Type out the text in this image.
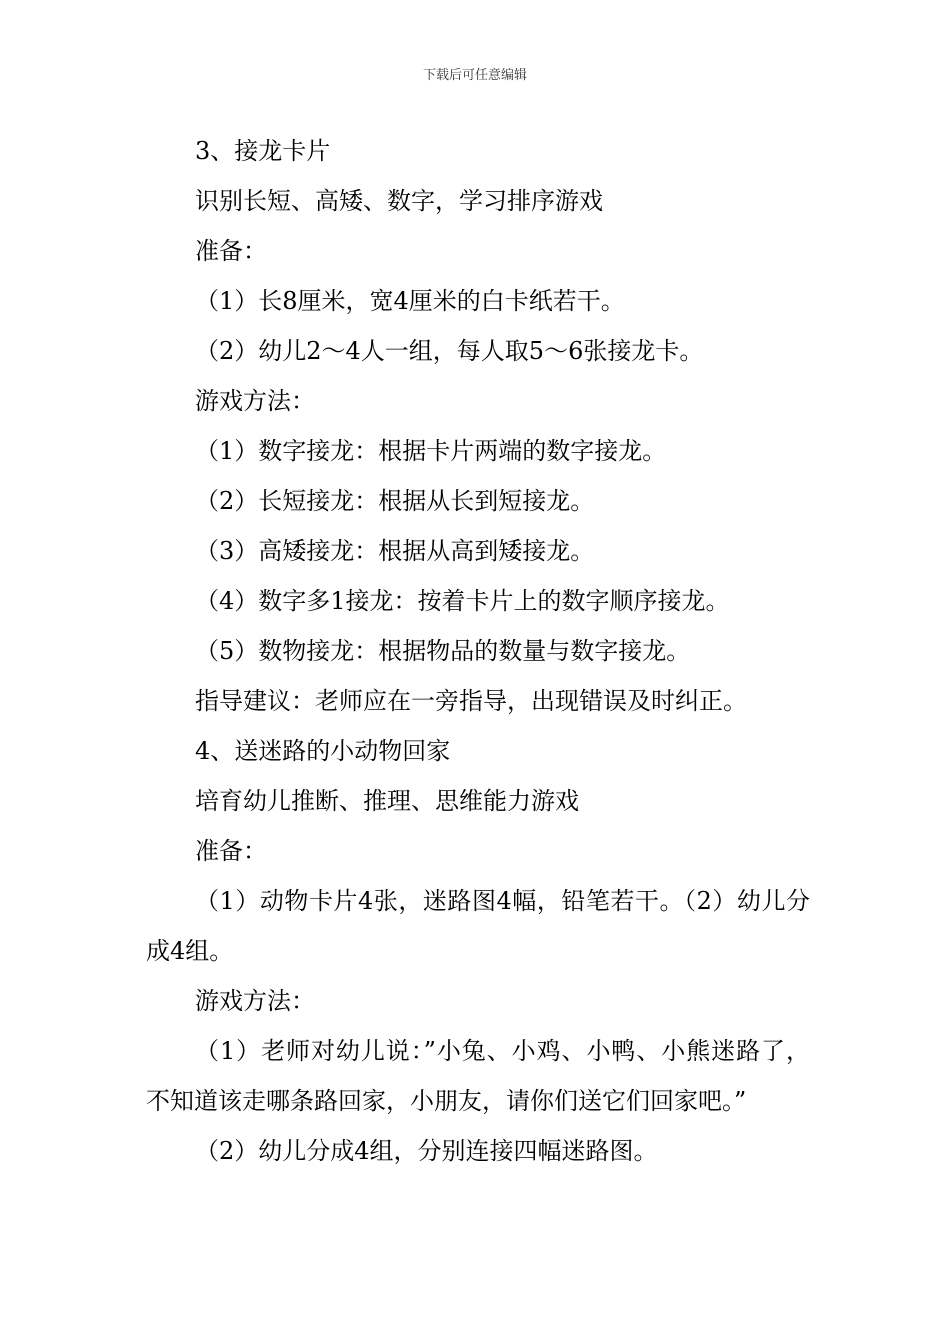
下载后可任意编辑

3、接龙卡片

识别长短、高矮、数字，学习排序游戏

准备：

（1）长8厘米，宽4厘米的白卡纸若干。

（2）幼儿2～4人一组，每人取5～6张接龙卡。

游戏方法：

（1）数字接龙：根据卡片两端的数字接龙。

（2）长短接龙：根据从长到短接龙。

（3）高矮接龙：根据从高到矮接龙。

（4）数字多1接龙：按着卡片上的数字顺序接龙。

（5）数物接龙：根据物品的数量与数字接龙。

指导建议：老师应在一旁指导，出现错误及时纠正。

4、送迷路的小动物回家

培育幼儿推断、推理、思维能力游戏

准备：

（1）动物卡片4张，迷路图4幅，铅笔若干。（2）幼儿分成4组。

游戏方法：

（1）老师对幼儿说：”小兔、小鸡、小鸭、小熊迷路了，不知道该走哪条路回家，小朋友，请你们送它们回家吧。”

（2）幼儿分成4组，分别连接四幅迷路图。
